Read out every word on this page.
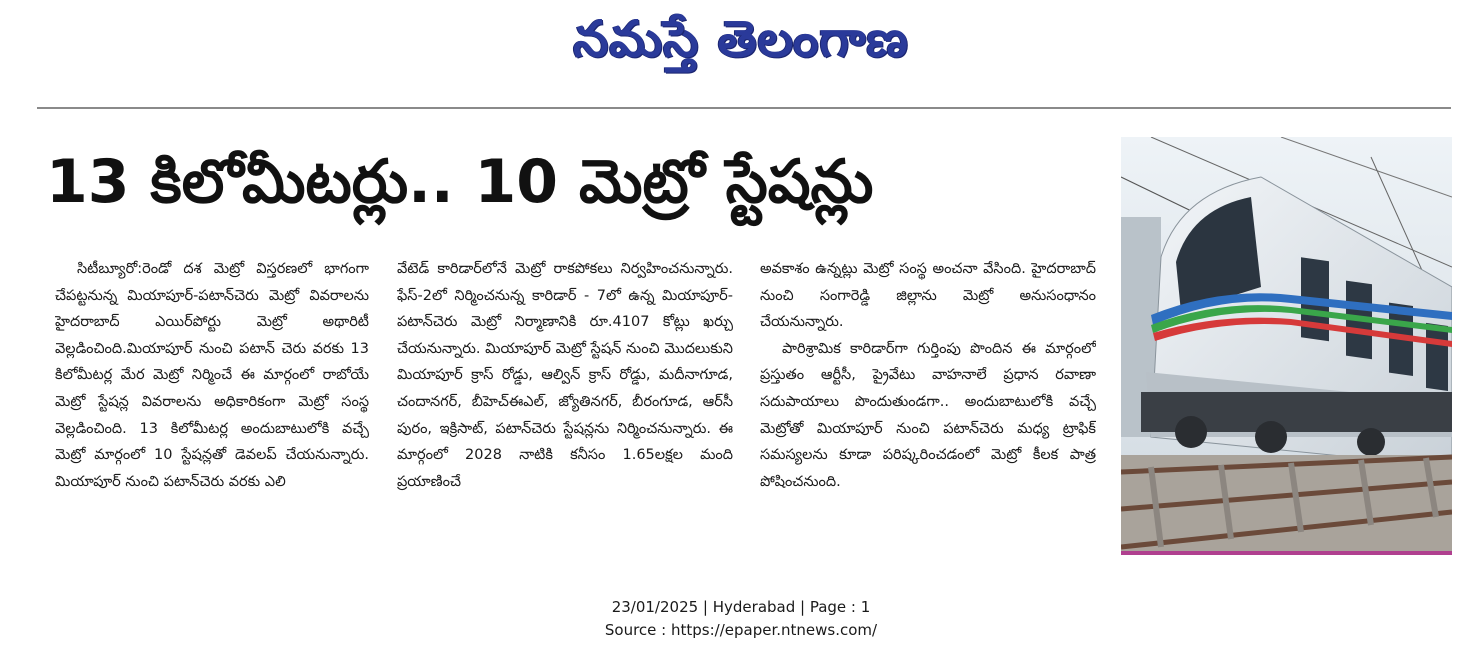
నమస్తే తెలంగాణ
13 కిలోమీటర్లు.. 10 మెట్రో స్టేషన్లు

సిటీబ్యూరో:రెండో దశ మెట్రో విస్తరణలో భాగంగా చేపట్టనున్న మియాపూర్-పటాన్‌చెరు మెట్రో వివరాలను హైదరాబాద్ ఎయిర్‌పోర్టు మెట్రో అథారిటీ వెల్లడించింది.మియాపూర్ నుంచి పటాన్ చెరు వరకు 13 కిలోమీటర్ల మేర మెట్రో నిర్మించే ఈ మార్గంలో రాబోయే మెట్రో స్టేషన్ల వివరాలను అధికారికంగా మెట్రో సంస్థ వెల్లడించింది. 13 కిలోమీటర్ల అందుబాటులోకి వచ్చే మెట్రో మార్గంలో 10 స్టేషన్లతో డెవలప్ చేయనున్నారు. మియాపూర్ నుంచి పటాన్‌చెరు వరకు ఎలి

వేటెడ్ కారిడార్‌లోనే మెట్రో రాకపోకలు నిర్వహించనున్నారు. ఫేస్-2లో నిర్మించనున్న కారిడార్ - 7లో ఉన్న మియాపూర్-పటాన్‌చెరు మెట్రో నిర్మాణానికి రూ.4107 కోట్లు ఖర్చు చేయనున్నారు. మియాపూర్ మెట్రో స్టేషన్ నుంచి మొదలుకుని మియాపూర్ క్రాస్ రోడ్డు, ఆల్విన్ క్రాస్ రోడ్డు, మదీనాగూడ, చందానగర్, బీహెచ్ఈఎల్, జ్యోతినగర్, బీరంగూడ, ఆర్‌సీ పురం, ఇక్రిసాట్, పటాన్‌చెరు స్టేషన్లను నిర్మించనున్నారు. ఈ మార్గంలో 2028 నాటికి కనీసం 1.65లక్షల మంది ప్రయాణించే

అవకాశం ఉన్నట్లు మెట్రో సంస్థ అంచనా వేసింది. హైదరాబాద్ నుంచి సంగారెడ్డి జిల్లాను మెట్రో అనుసంధానం చేయనున్నారు.

పారిశ్రామిక కారిడార్‌గా గుర్తింపు పొందిన ఈ మార్గంలో ప్రస్తుతం ఆర్టీసీ, ప్రైవేటు వాహనాలే ప్రధాన రవాణా సదుపాయాలు పొందుతుండగా.. అందుబాటులోకి వచ్చే మెట్రోతో మియాపూర్ నుంచి పటాన్‌చెరు మధ్య ట్రాఫిక్ సమస్యలను కూడా పరిష్కరించడంలో మెట్రో కీలక పాత్ర పోషించనుంది.

23/01/2025 | Hyderabad | Page : 1
Source : https://epaper.ntnews.com/
